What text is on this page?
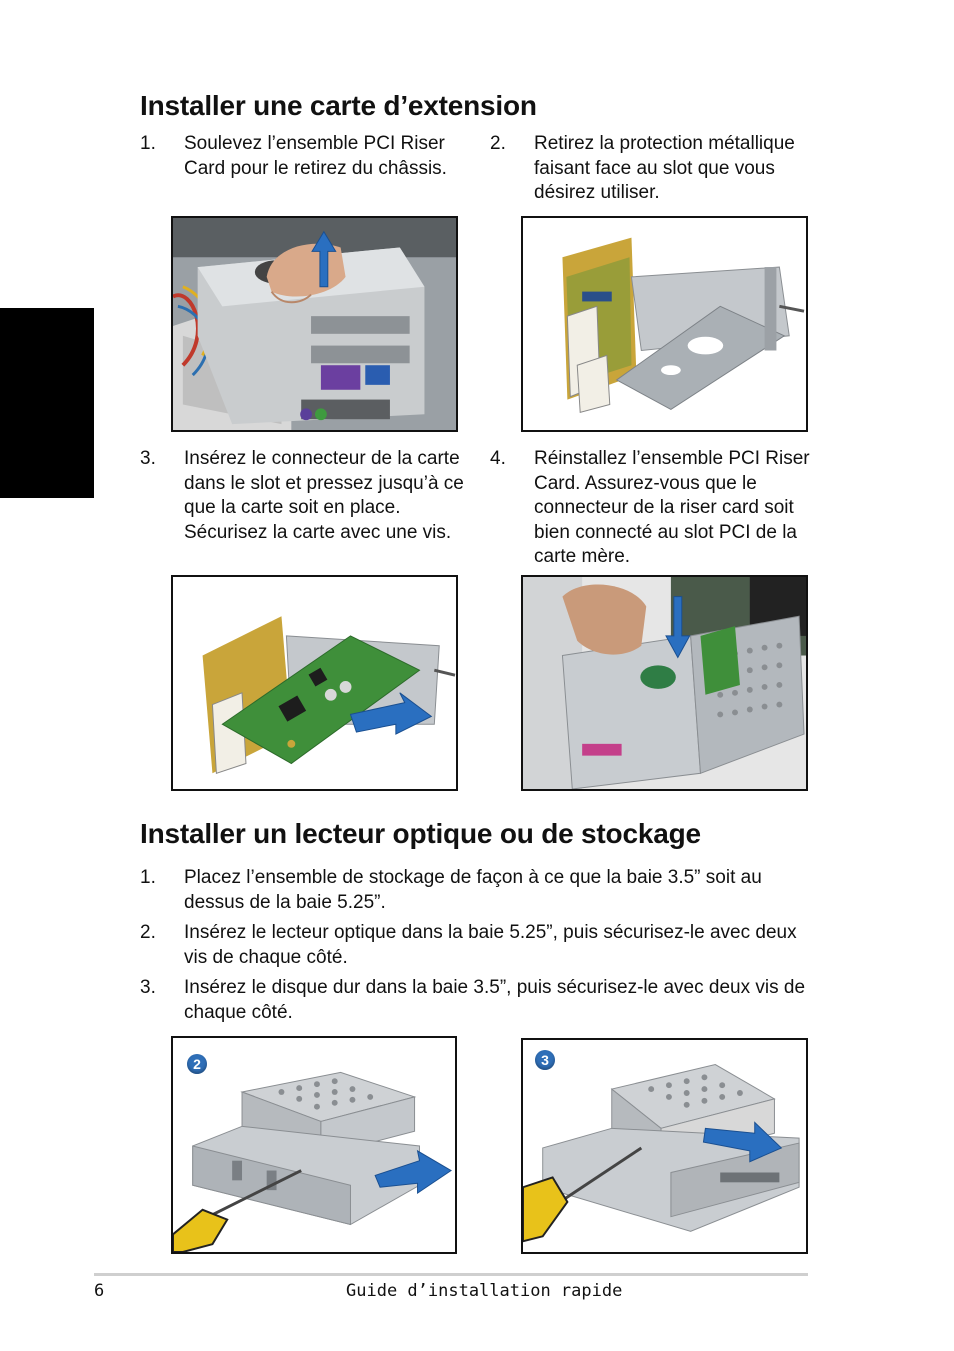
Installer une carte d’extension
1. Soulevez l’ensemble PCI Riser Card pour le retirez du châssis.
2. Retirez la protection métallique faisant face au slot que vous désirez utiliser.
3. Insérez le connecteur de la carte dans le slot et pressez jusqu’à ce que la carte soit en place. Sécurisez la carte avec une vis.
4. Réinstallez l’ensemble PCI Riser Card. Assurez-vous que le connecteur de la riser card soit bien connecté au slot PCI de la carte mère.
Installer un lecteur optique ou de stockage
1. Placez l’ensemble de stockage de façon à ce que la baie 3.5” soit au dessus de la baie 5.25”.
2. Insérez le lecteur optique dans la baie 5.25”, puis sécurisez-le avec deux vis de chaque côté.
3. Insérez le disque dur dans la baie 3.5”, puis sécurisez-le avec deux vis de chaque côté.
2	3
6	Guide d’installation rapide
